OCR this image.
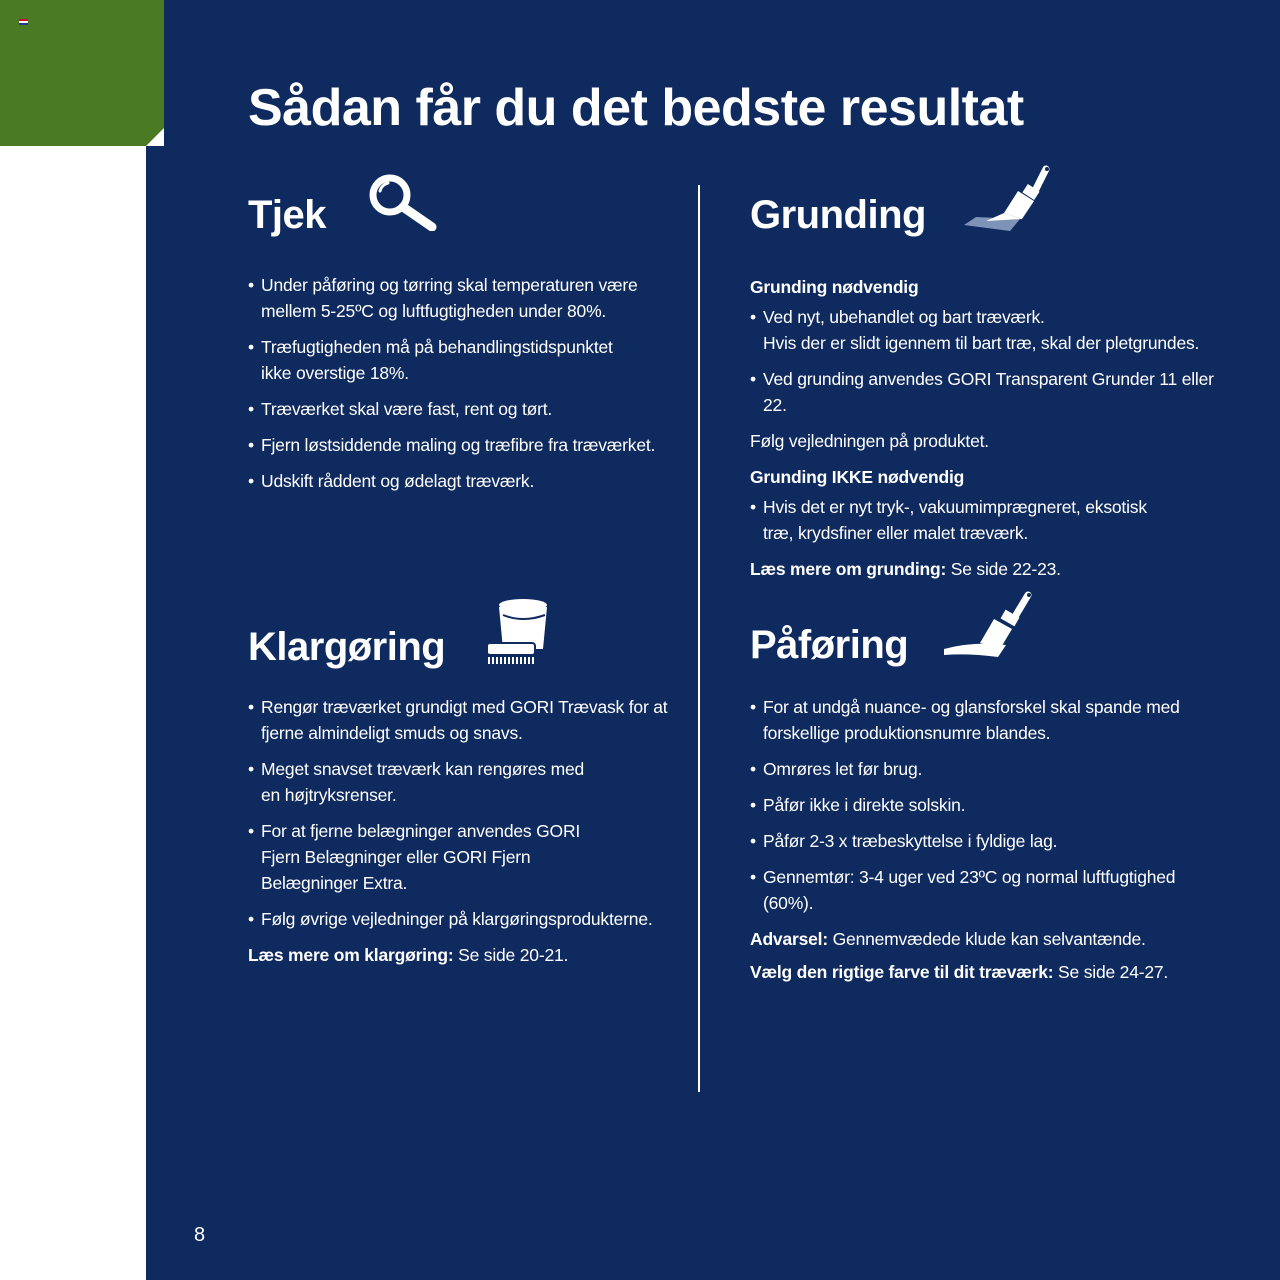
Sådan får du det bedste resultat
Tjek
• Under påføring og tørring skal temperaturen være mellem 5-25ºC og luftfugtigheden under 80%.
• Træfugtigheden må på behandlingstidspunktet ikke overstige 18%.
• Træværket skal være fast, rent og tørt.
• Fjern løstsiddende maling og træfibre fra træværket.
• Udskift råddent og ødelagt træværk.
Grunding
Grunding nødvendig
• Ved nyt, ubehandlet og bart træværk.
Hvis der er slidt igennem til bart træ, skal der pletgrundes.
• Ved grunding anvendes GORI Transparent Grunder 11 eller 22.
Følg vejledningen på produktet.
Grunding IKKE nødvendig
• Hvis det er nyt tryk-, vakuumimprægneret, eksotisk træ, krydsfiner eller malet træværk.
Læs mere om grunding: Se side 22-23.
Klargøring
• Rengør træværket grundigt med GORI Trævask for at fjerne almindeligt smuds og snavs.
• Meget snavset træværk kan rengøres med en højtryksrenser.
• For at fjerne belægninger anvendes GORI Fjern Belægninger eller GORI Fjern Belægninger Extra.
• Følg øvrige vejledninger på klargøringsprodukterne.
Læs mere om klargøring: Se side 20-21.
Påføring
• For at undgå nuance- og glansforskel skal spande med forskellige produktionsnumre blandes.
• Omrøres let før brug.
• Påfør ikke i direkte solskin.
• Påfør 2-3 x træbeskyttelse i fyldige lag.
• Gennemtør: 3-4 uger ved 23ºC og normal luftfugtighed (60%).
Advarsel: Gennemvædede klude kan selvantænde.
Vælg den rigtige farve til dit træværk: Se side 24-27.
8
